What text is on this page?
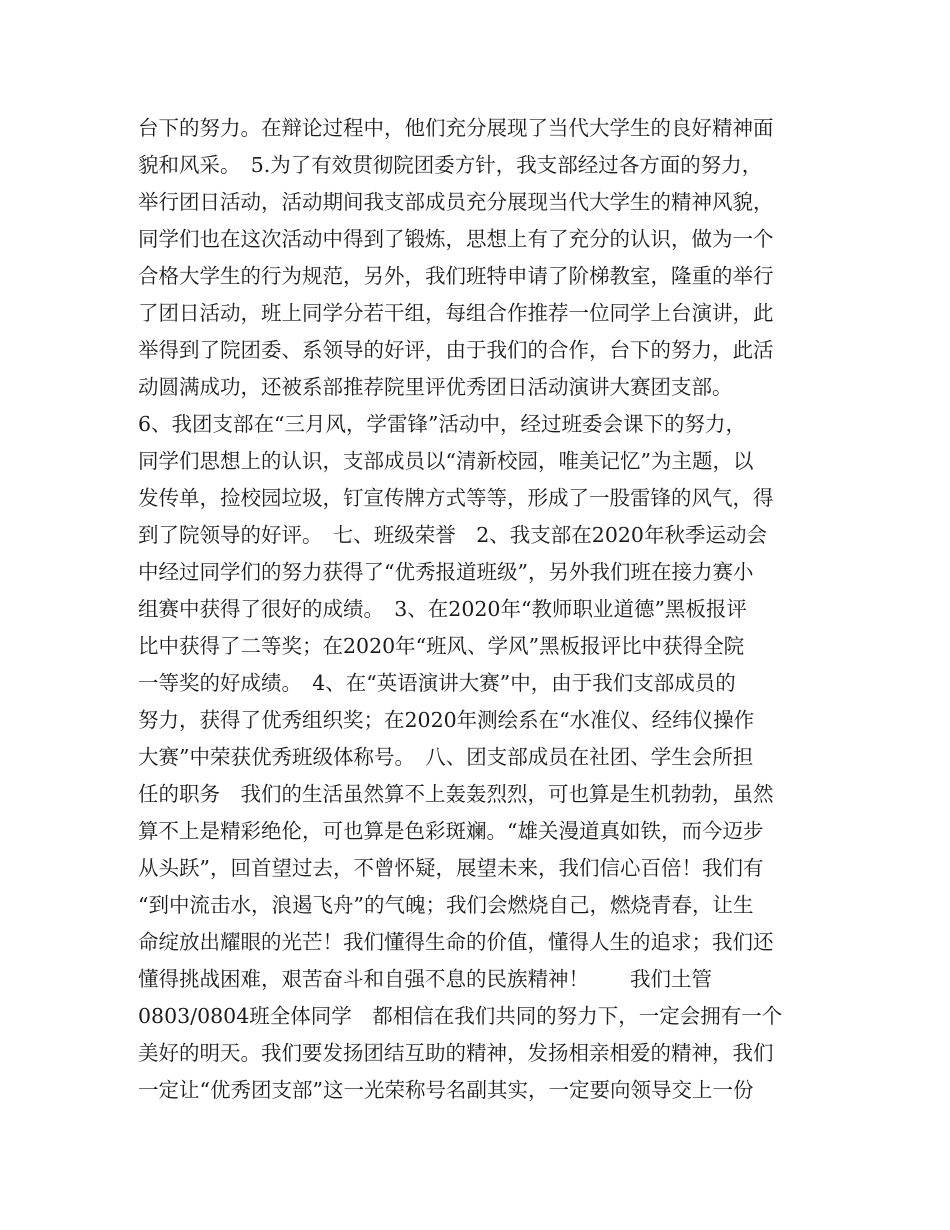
台下的努力。在辩论过程中，他们充分展现了当代大学生的良好精神面
貌和风采。　5.为了有效贯彻院团委方针，我支部经过各方面的努力，
举行团日活动，活动期间我支部成员充分展现当代大学生的精神风貌，
同学们也在这次活动中得到了锻炼，思想上有了充分的认识，做为一个
合格大学生的行为规范，另外，我们班特申请了阶梯教室，隆重的举行
了团日活动，班上同学分若干组，每组合作推荐一位同学上台演讲，此
举得到了院团委、系领导的好评，由于我们的合作，台下的努力，此活
动圆满成功，还被系部推荐院里评优秀团日活动演讲大赛团支部。
6、我团支部在“三月风，学雷锋”活动中，经过班委会课下的努力，
同学们思想上的认识，支部成员以“清新校园，唯美记忆”为主题，以
发传单，捡校园垃圾，钉宣传牌方式等等，形成了一股雷锋的风气，得
到了院领导的好评。　七、班级荣誉　2、我支部在2020年秋季运动会
中经过同学们的努力获得了“优秀报道班级”，另外我们班在接力赛小
组赛中获得了很好的成绩。　3、在2020年“教师职业道德”黑板报评
比中获得了二等奖；在2020年“班风、学风”黑板报评比中获得全院
一等奖的好成绩。　4、在“英语演讲大赛”中，由于我们支部成员的
努力，获得了优秀组织奖；在2020年测绘系在“水准仪、经纬仪操作
大赛”中荣获优秀班级体称号。　八、团支部成员在社团、学生会所担
任的职务　我们的生活虽然算不上轰轰烈烈，可也算是生机勃勃，虽然
算不上是精彩绝伦，可也算是色彩斑斓。“雄关漫道真如铁，而今迈步
从头跃”，回首望过去，不曾怀疑，展望未来，我们信心百倍！我们有
“到中流击水，浪遏飞舟”的气魄；我们会燃烧自己，燃烧青春，让生
命绽放出耀眼的光芒！我们懂得生命的价值，懂得人生的追求；我们还
懂得挑战困难，艰苦奋斗和自强不息的民族精神！　　我们土管
0803/0804班全体同学　都相信在我们共同的努力下，一定会拥有一个
美好的明天。我们要发扬团结互助的精神，发扬相亲相爱的精神，我们
一定让“优秀团支部”这一光荣称号名副其实，一定要向领导交上一份
